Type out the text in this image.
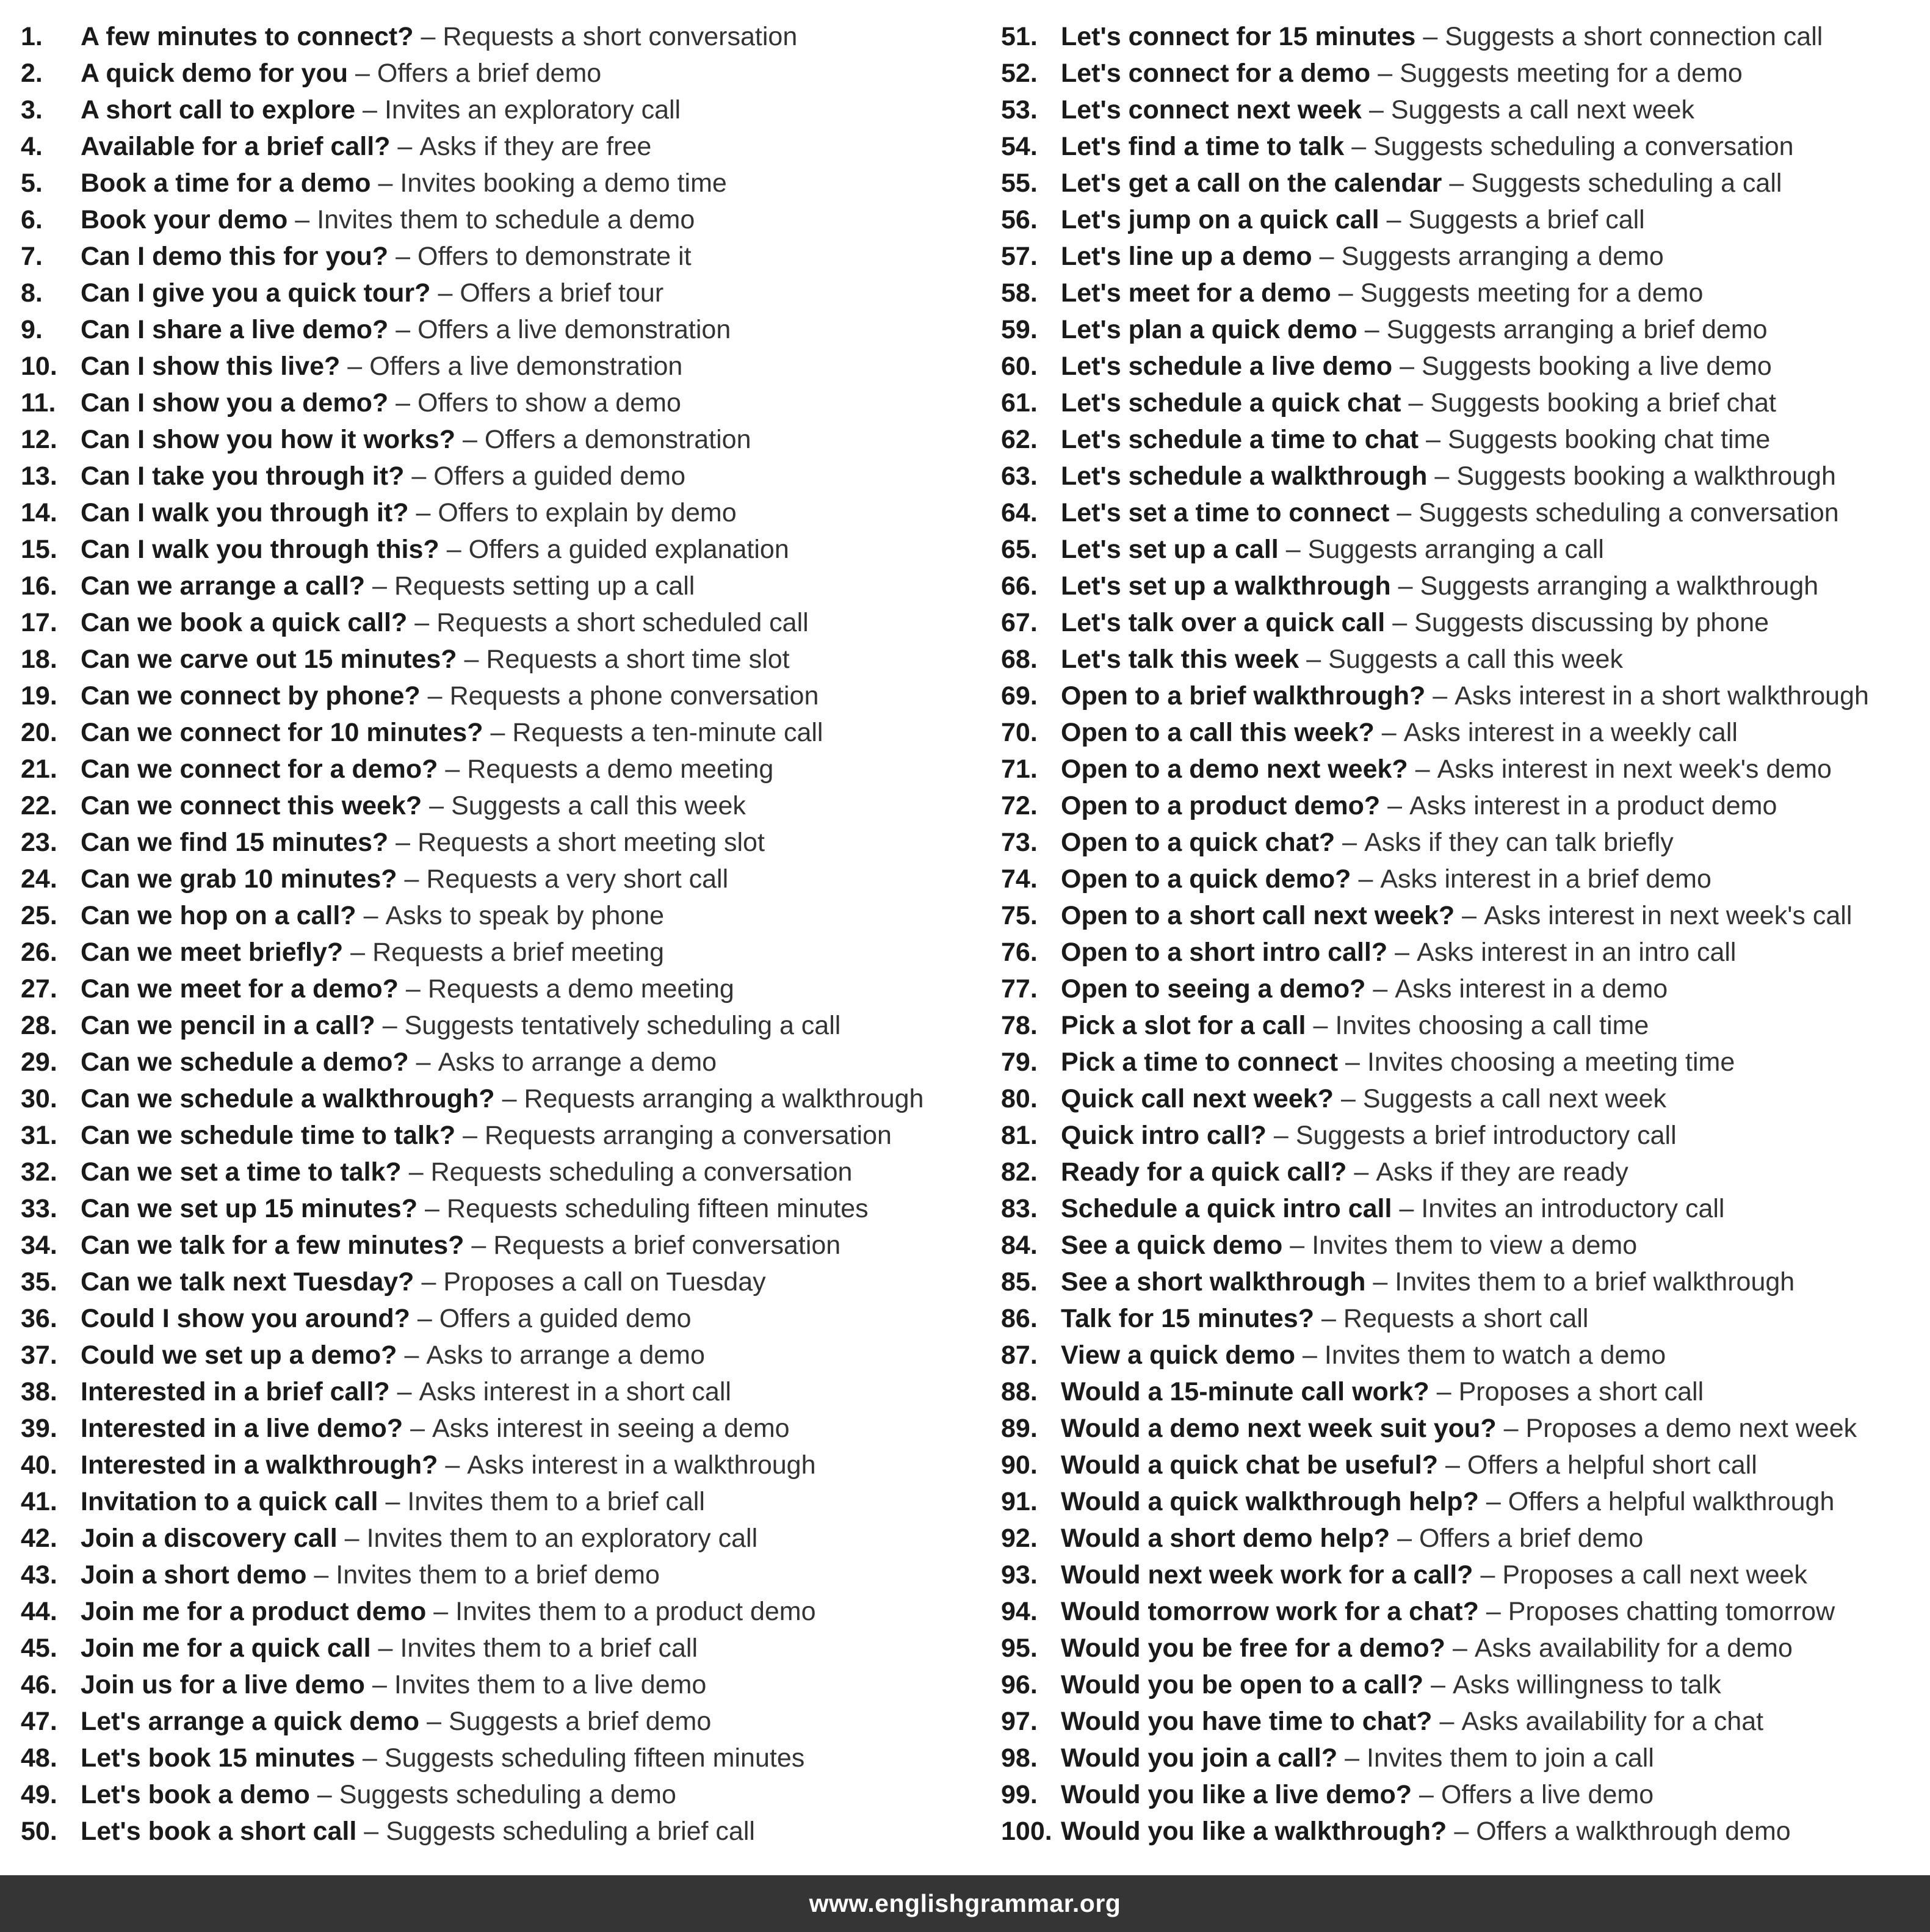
1.	A few minutes to connect? – Requests a short conversation
2.	A quick demo for you – Offers a brief demo
3.	A short call to explore – Invites an exploratory call
4.	Available for a brief call? – Asks if they are free
5.	Book a time for a demo – Invites booking a demo time
6.	Book your demo – Invites them to schedule a demo
7.	Can I demo this for you? – Offers to demonstrate it
8.	Can I give you a quick tour? – Offers a brief tour
9.	Can I share a live demo? – Offers a live demonstration
10. Can I show this live? – Offers a live demonstration
11. Can I show you a demo? – Offers to show a demo
12. Can I show you how it works? – Offers a demonstration
13. Can I take you through it? – Offers a guided demo
14. Can I walk you through it? – Offers to explain by demo
15. Can I walk you through this? – Offers a guided explanation
16. Can we arrange a call? – Requests setting up a call
17. Can we book a quick call? – Requests a short scheduled call
18. Can we carve out 15 minutes? – Requests a short time slot
19. Can we connect by phone? – Requests a phone conversation
20. Can we connect for 10 minutes? – Requests a ten-minute call
21. Can we connect for a demo? – Requests a demo meeting
22. Can we connect this week? – Suggests a call this week
23. Can we find 15 minutes? – Requests a short meeting slot
24. Can we grab 10 minutes? – Requests a very short call
25. Can we hop on a call? – Asks to speak by phone
26. Can we meet briefly? – Requests a brief meeting
27. Can we meet for a demo? – Requests a demo meeting
28. Can we pencil in a call? – Suggests tentatively scheduling a call
29. Can we schedule a demo? – Asks to arrange a demo
30. Can we schedule a walkthrough? – Requests arranging a walkthrough
31. Can we schedule time to talk? – Requests arranging a conversation
32. Can we set a time to talk? – Requests scheduling a conversation
33. Can we set up 15 minutes? – Requests scheduling fifteen minutes
34. Can we talk for a few minutes? – Requests a brief conversation
35. Can we talk next Tuesday? – Proposes a call on Tuesday
36. Could I show you around? – Offers a guided demo
37. Could we set up a demo? – Asks to arrange a demo
38. Interested in a brief call? – Asks interest in a short call
39. Interested in a live demo? – Asks interest in seeing a demo
40. Interested in a walkthrough? – Asks interest in a walkthrough
41. Invitation to a quick call – Invites them to a brief call
42. Join a discovery call – Invites them to an exploratory call
43. Join a short demo – Invites them to a brief demo
44. Join me for a product demo – Invites them to a product demo
45. Join me for a quick call – Invites them to a brief call
46. Join us for a live demo – Invites them to a live demo
47. Let's arrange a quick demo – Suggests a brief demo
48. Let's book 15 minutes – Suggests scheduling fifteen minutes
49. Let's book a demo – Suggests scheduling a demo
50. Let's book a short call – Suggests scheduling a brief call
51. Let's connect for 15 minutes – Suggests a short connection call
52. Let's connect for a demo – Suggests meeting for a demo
53. Let's connect next week – Suggests a call next week
54. Let's find a time to talk – Suggests scheduling a conversation
55. Let's get a call on the calendar – Suggests scheduling a call
56. Let's jump on a quick call – Suggests a brief call
57. Let's line up a demo – Suggests arranging a demo
58. Let's meet for a demo – Suggests meeting for a demo
59. Let's plan a quick demo – Suggests arranging a brief demo
60. Let's schedule a live demo – Suggests booking a live demo
61. Let's schedule a quick chat – Suggests booking a brief chat
62. Let's schedule a time to chat – Suggests booking chat time
63. Let's schedule a walkthrough – Suggests booking a walkthrough
64. Let's set a time to connect – Suggests scheduling a conversation
65. Let's set up a call – Suggests arranging a call
66. Let's set up a walkthrough – Suggests arranging a walkthrough
67. Let's talk over a quick call – Suggests discussing by phone
68. Let's talk this week – Suggests a call this week
69. Open to a brief walkthrough? – Asks interest in a short walkthrough
70. Open to a call this week? – Asks interest in a weekly call
71. Open to a demo next week? – Asks interest in next week's demo
72. Open to a product demo? – Asks interest in a product demo
73. Open to a quick chat? – Asks if they can talk briefly
74. Open to a quick demo? – Asks interest in a brief demo
75. Open to a short call next week? – Asks interest in next week's call
76. Open to a short intro call? – Asks interest in an intro call
77. Open to seeing a demo? – Asks interest in a demo
78. Pick a slot for a call – Invites choosing a call time
79. Pick a time to connect – Invites choosing a meeting time
80. Quick call next week? – Suggests a call next week
81. Quick intro call? – Suggests a brief introductory call
82. Ready for a quick call? – Asks if they are ready
83. Schedule a quick intro call – Invites an introductory call
84. See a quick demo – Invites them to view a demo
85. See a short walkthrough – Invites them to a brief walkthrough
86. Talk for 15 minutes? – Requests a short call
87. View a quick demo – Invites them to watch a demo
88. Would a 15-minute call work? – Proposes a short call
89. Would a demo next week suit you? – Proposes a demo next week
90. Would a quick chat be useful? – Offers a helpful short call
91. Would a quick walkthrough help? – Offers a helpful walkthrough
92. Would a short demo help? – Offers a brief demo
93. Would next week work for a call? – Proposes a call next week
94. Would tomorrow work for a chat? – Proposes chatting tomorrow
95. Would you be free for a demo? – Asks availability for a demo
96. Would you be open to a call? – Asks willingness to talk
97. Would you have time to chat? – Asks availability for a chat
98. Would you join a call? – Invites them to join a call
99. Would you like a live demo? – Offers a live demo
100. Would you like a walkthrough? – Offers a walkthrough demo
www.englishgrammar.org
